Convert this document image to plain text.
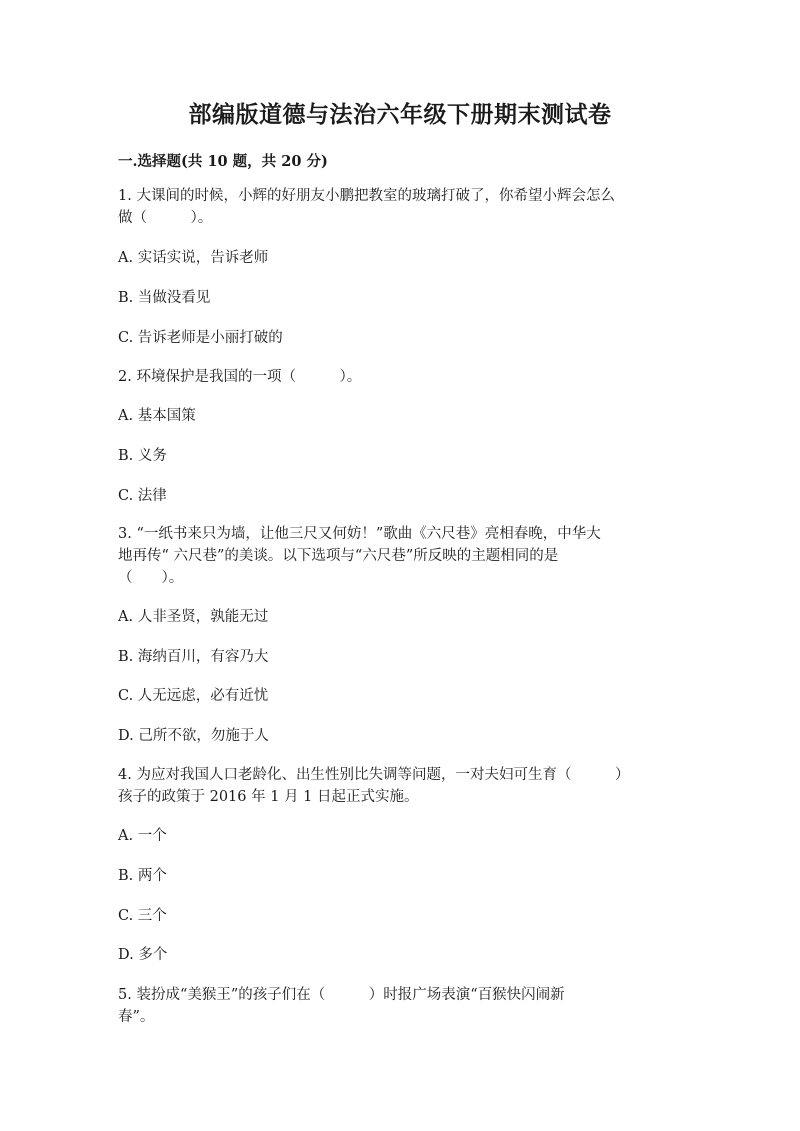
部编版道德与法治六年级下册期末测试卷
一.选择题(共 10 题，共 20 分)
1. 大课间的时候，小辉的好朋友小鹏把教室的玻璃打破了，你希望小辉会怎么
做（　　　）。
A. 实话实说，告诉老师
B. 当做没看见
C. 告诉老师是小丽打破的
2. 环境保护是我国的一项（　　　）。
A. 基本国策
B. 义务
C. 法律
3. “一纸书来只为墙，让他三尺又何妨！”歌曲《六尺巷》亮相春晚，中华大
地再传“ 六尺巷”的美谈。以下选项与“六尺巷”所反映的主题相同的是
（　　）。
A. 人非圣贤，孰能无过
B. 海纳百川，有容乃大
C. 人无远虑，必有近忧
D. 己所不欲，勿施于人
4. 为应对我国人口老龄化、出生性别比失调等问题，一对夫妇可生育（　　　）
孩子的政策于 2016 年 1 月 1 日起正式实施。
A. 一个
B. 两个
C. 三个
D. 多个
5. 装扮成“美猴王”的孩子们在（　　　）时报广场表演“百猴快闪闹新
春”。
